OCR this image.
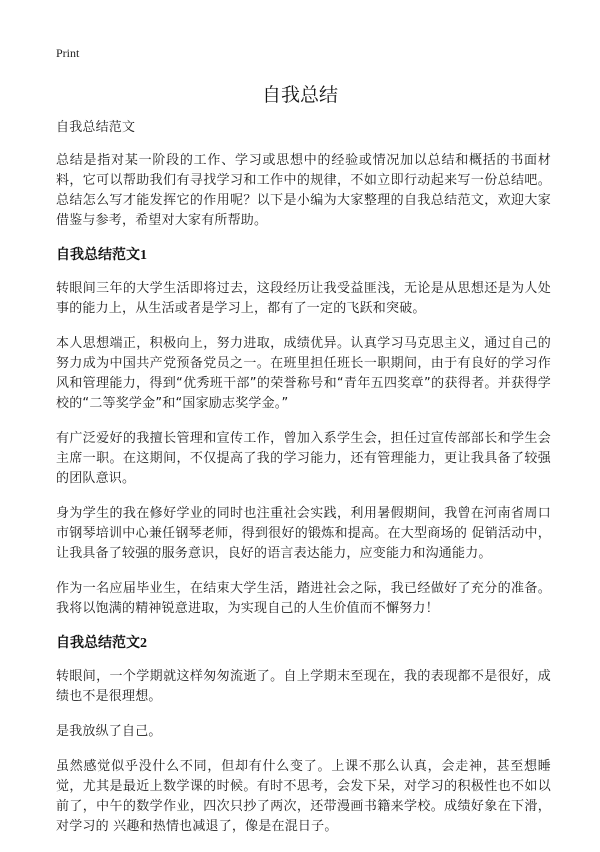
Print
自我总结

自我总结范文

总结是指对某一阶段的工作、学习或思想中的经验或情况加以总结和概括的书面材料，它可以帮助我们有寻找学习和工作中的规律，不如立即行动起来写一份总结吧。总结怎么写才能发挥它的作用呢？以下是小编为大家整理的自我总结范文，欢迎大家借鉴与参考，希望对大家有所帮助。

自我总结范文1

转眼间三年的大学生活即将过去，这段经历让我受益匪浅，无论是从思想还是为人处事的能力上，从生活或者是学习上，都有了一定的飞跃和突破。

本人思想端正，积极向上，努力进取，成绩优异。认真学习马克思主义，通过自己的努力成为中国共产党预备党员之一。在班里担任班长一职期间，由于有良好的学习作风和管理能力，得到“优秀班干部”的荣誉称号和“青年五四奖章”的获得者。并获得学校的“二等奖学金”和“国家励志奖学金。”

有广泛爱好的我擅长管理和宣传工作，曾加入系学生会，担任过宣传部部长和学生会主席一职。在这期间，不仅提高了我的学习能力，还有管理能力，更让我具备了较强的团队意识。

身为学生的我在修好学业的同时也注重社会实践，利用暑假期间，我曾在河南省周口市钢琴培训中心兼任钢琴老师，得到很好的锻炼和提高。在大型商场的 促销活动中，让我具备了较强的服务意识，良好的语言表达能力，应变能力和沟通能力。

作为一名应届毕业生，在结束大学生活，踏进社会之际，我已经做好了充分的准备。我将以饱满的精神锐意进取，为实现自己的人生价值而不懈努力！

自我总结范文2

转眼间，一个学期就这样匆匆流逝了。自上学期末至现在，我的表现都不是很好，成绩也不是很理想。

是我放纵了自己。

虽然感觉似乎没什么不同，但却有什么变了。上课不那么认真，会走神，甚至想睡觉，尤其是最近上数学课的时候。有时不思考，会发下呆，对学习的积极性也不如以前了，中午的数学作业，四次只抄了两次，还带漫画书籍来学校。成绩好象在下滑，对学习的 兴趣和热情也减退了，像是在混日子。
